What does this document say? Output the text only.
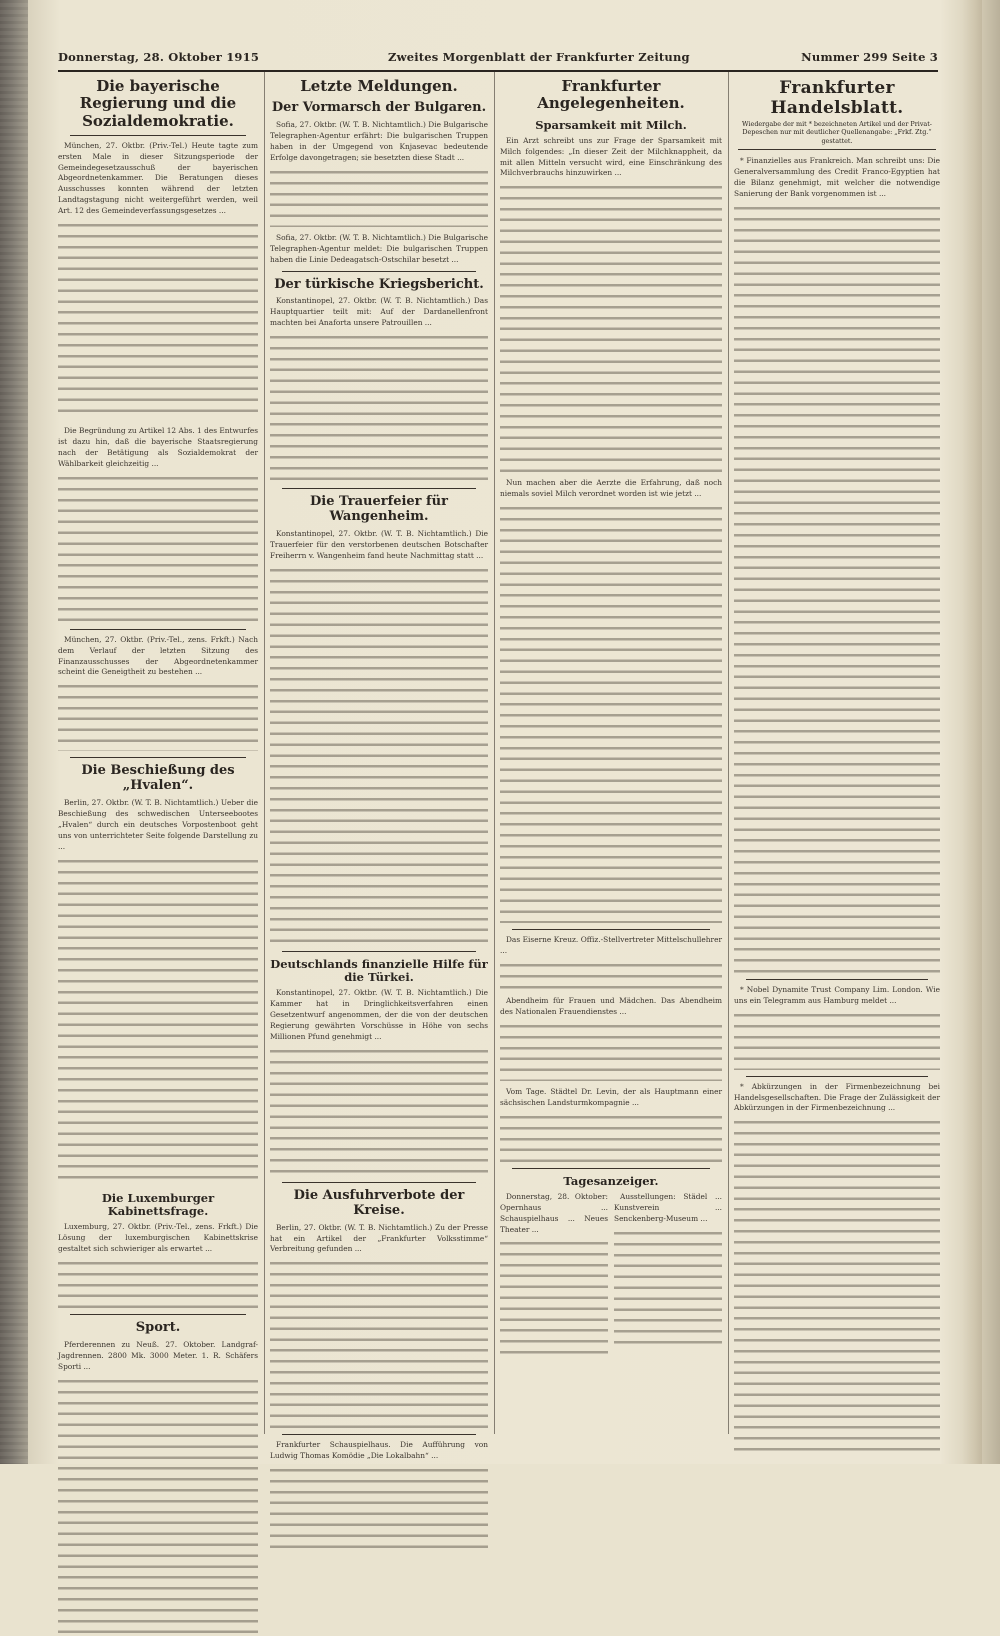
Donnerstag, 28. Oktober 1915	Zweites Morgenblatt der Frankfurter Zeitung	Nummer 299 Seite 3
Die bayerische Regierung und die Sozialdemokratie.

München, 27. Oktbr. (Priv.-Tel.) Heute tagte zum ersten Male in dieser Sitzungsperiode der Gemeindegesetzausschuß der bayerischen Abgeordnetenkammer. Die Beratungen dieses Ausschusses konnten während der letzten Landtagstagung nicht weitergeführt werden, weil Art. 12 des Gemeindeverfassungsgesetzes ...

Die Begründung zu Artikel 12 Abs. 1 des Entwurfes ist dazu hin, daß die bayerische Staatsregierung nach der Betätigung als Sozialdemokrat der Wählbarkeit gleichzeitig ...

München, 27. Oktbr. (Priv.-Tel., zens. Frkft.) Nach dem Verlauf der letzten Sitzung des Finanzausschusses der Abgeordnetenkammer scheint die Geneigtheit zu bestehen ...

Die Beschießung des „Hvalen“.

Berlin, 27. Oktbr. (W. T. B. Nichtamtlich.) Ueber die Beschießung des schwedischen Unterseebootes „Hvalen“ durch ein deutsches Vorpostenboot geht uns von unterrichteter Seite folgende Darstellung zu ...

Die Luxemburger Kabinettsfrage.

Luxemburg, 27. Oktbr. (Priv.-Tel., zens. Frkft.) Die Lösung der luxemburgischen Kabinettskrise gestaltet sich schwieriger als erwartet ...

Sport.

Pferderennen zu Neuß. 27. Oktober. Landgraf-Jagdrennen. 2800 Mk. 3000 Meter. 1. R. Schäfers Sporti ...

Letzte Meldungen.
Der Vormarsch der Bulgaren.

Sofia, 27. Oktbr. (W. T. B. Nichtamtlich.) Die Bulgarische Telegraphen-Agentur erfährt: Die bulgarischen Truppen haben in der Umgegend von Knjasevac bedeutende Erfolge davongetragen; sie besetzten diese Stadt ...

Sofia, 27. Oktbr. (W. T. B. Nichtamtlich.) Die Bulgarische Telegraphen-Agentur meldet: Die bulgarischen Truppen haben die Linie Dedeagatsch-Ostschilar besetzt ...

Der türkische Kriegsbericht.

Konstantinopel, 27. Oktbr. (W. T. B. Nichtamtlich.) Das Hauptquartier teilt mit: Auf der Dardanellenfront machten bei Anaforta unsere Patrouillen ...

Die Trauerfeier für Wangenheim.

Konstantinopel, 27. Oktbr. (W. T. B. Nichtamtlich.) Die Trauerfeier für den verstorbenen deutschen Botschafter Freiherrn v. Wangenheim fand heute Nachmittag statt ...

Deutschlands finanzielle Hilfe für die Türkei.

Konstantinopel, 27. Oktbr. (W. T. B. Nichtamtlich.) Die Kammer hat in Dringlichkeitsverfahren einen Gesetzentwurf angenommen, der die von der deutschen Regierung gewährten Vorschüsse in Höhe von sechs Millionen Pfund genehmigt ...

Die Ausfuhrverbote der Kreise.

Berlin, 27. Oktbr. (W. T. B. Nichtamtlich.) Zu der Presse hat ein Artikel der „Frankfurter Volksstimme“ Verbreitung gefunden ...

Frankfurter Schauspielhaus. Die Aufführung von Ludwig Thomas Komödie „Die Lokalbahn“ ...

Frankfurter Angelegenheiten.
Sparsamkeit mit Milch.

Ein Arzt schreibt uns zur Frage der Sparsamkeit mit Milch folgendes: „In dieser Zeit der Milchknappheit, da mit allen Mitteln versucht wird, eine Einschränkung des Milchverbrauchs hinzuwirken ...

Nun machen aber die Aerzte die Erfahrung, daß noch niemals soviel Milch verordnet worden ist wie jetzt ...

Das Eiserne Kreuz. Offiz.-Stellvertreter Mittelschullehrer ...

Abendheim für Frauen und Mädchen. Das Abendheim des Nationalen Frauendienstes ...

Vom Tage. Städtel Dr. Levin, der als Hauptmann einer sächsischen Landsturmkompagnie ...

Tagesanzeiger.

Donnerstag, 28. Oktober: Opernhaus ... Schauspielhaus ... Neues Theater ...

Ausstellungen: Städel ... Kunstverein ... Senckenberg-Museum ...

Frankfurter Handelsblatt.
Wiedergabe der mit * bezeichneten Artikel und der Privat-Depeschen nur mit deutlicher Quellenangabe: „Frkf. Ztg.“ gestattet.

* Finanzielles aus Frankreich. Man schreibt uns: Die Generalversammlung des Credit Franco-Egyptien hat die Bilanz genehmigt, mit welcher die notwendige Sanierung der Bank vorgenommen ist ...

* Nobel Dynamite Trust Company Lim. London. Wie uns ein Telegramm aus Hamburg meldet ...

* Abkürzungen in der Firmenbezeichnung bei Handelsgesellschaften. Die Frage der Zulässigkeit der Abkürzungen in der Firmenbezeichnung ...
